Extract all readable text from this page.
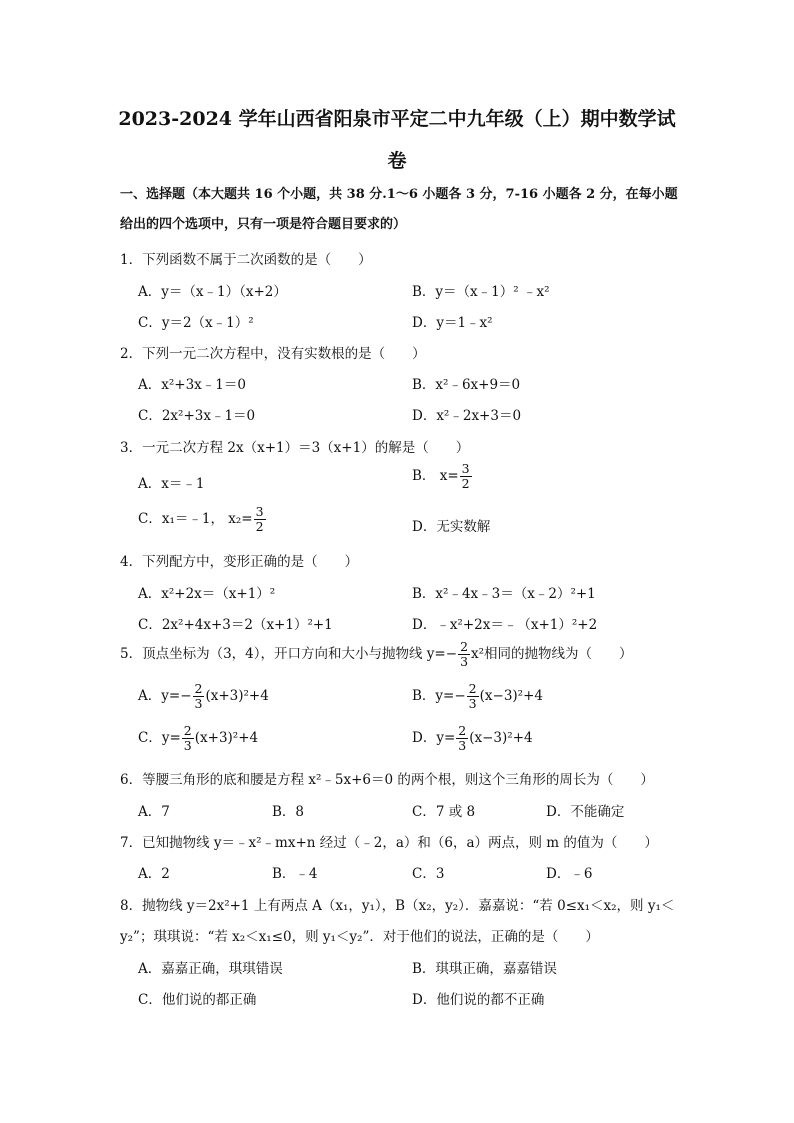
2023-2024 学年山西省阳泉市平定二中九年级（上）期中数学试
卷
一、选择题（本大题共 16 个小题，共 38 分.1～6 小题各 3 分，7-16 小题各 2 分，在每小题
给出的四个选项中，只有一项是符合题目要求的）
1．下列函数不属于二次函数的是（　　）
A．y＝（x﹣1）（x+2）	B．y＝（x﹣1）² ﹣x²
C．y＝2（x﹣1）²	D．y＝1﹣x²
2．下列一元二次方程中，没有实数根的是（　　）
A．x²+3x﹣1＝0	B．x²﹣6x+9＝0
C．2x²+3x﹣1＝0	D．x²﹣2x+3＝0
3．一元二次方程 2x（x+1）＝3（x+1）的解是（　　）
A．x＝﹣1	B． $x= \frac{3}{2}$
C．x₁＝﹣1， $x_2= \frac{3}{2}$	D．无实数解
4．下列配方中，变形正确的是（　　）
A．x²+2x＝（x+1）²	B．x²﹣4x﹣3＝（x﹣2）²+1
C．2x²+4x+3＝2（x+1）²+1	D．﹣x²+2x＝﹣（x+1）²+2
5．顶点坐标为（3，4），开口方向和大小与抛物线 $y=- \frac{2}{3} x^2$相同的抛物线为（　　）
A．$y=- \frac{2}{3} (x+3)^2+4$	B．$y=- \frac{2}{3} (x-3)^2+4$
C．$y= \frac{2}{3} (x+3)^2+4$	D．$y= \frac{2}{3} (x-3)^2+4$
6．等腰三角形的底和腰是方程 x²﹣5x+6＝0 的两个根，则这个三角形的周长为（　　）
A．7	B．8	C．7 或 8	D．不能确定
7．已知抛物线 y＝﹣x²﹣mx+n 经过（﹣2，a）和（6，a）两点，则 m 的值为（　　）
A．2	B．﹣4	C．3	D．﹣6
8．抛物线 y＝2x²+1 上有两点 A（x₁，y₁），B（x₂，y₂）．嘉嘉说：“若 0≤x₁＜x₂，则 y₁＜
y₂”；琪琪说：“若 x₂＜x₁≤0，则 y₁＜y₂”．对于他们的说法，正确的是（　　）
A．嘉嘉正确，琪琪错误	B．琪琪正确，嘉嘉错误
C．他们说的都正确	D．他们说的都不正确
